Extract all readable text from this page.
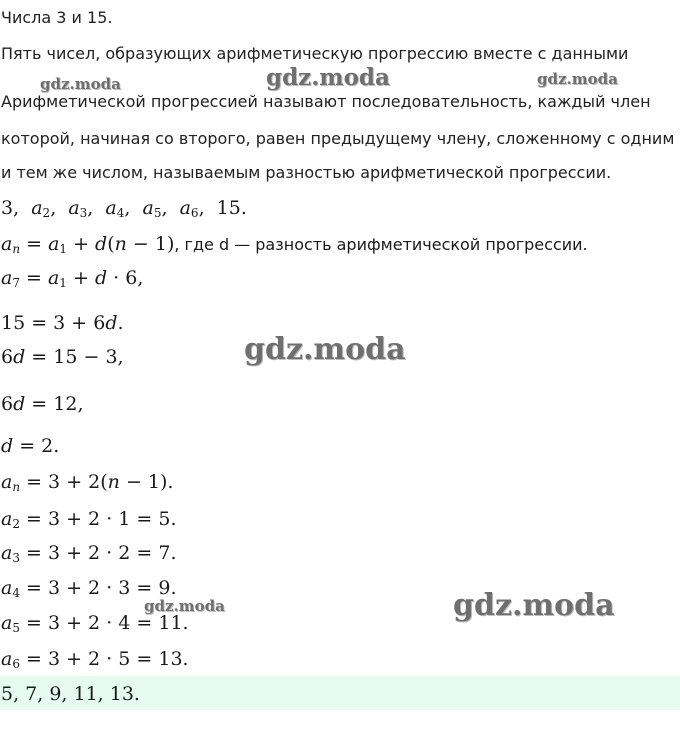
Числа 3 и 15.
Пять чисел, образующих арифметическую прогрессию вместе с данными
Арифметической прогрессией называют последовательность, каждый член
которой, начиная со второго, равен предыдущему члену, сложенному с одним
и тем же числом, называемым разностью арифметической прогрессии.
3,  $a_2$,  $a_3$,  $a_4$,  $a_5$,  $a_6$,  15.
$a_n = a_1 + d(n - 1)$, где d — разность арифметической прогрессии.
$a_7 = a_1 + d \cdot 6$,
15 = 3 + 6d.
6d = 15 − 3,
6d = 12,
d = 2.
$a_n = 3 + 2(n - 1)$.
$a_2 = 3 + 2 \cdot 1 = 5$.
$a_3 = 3 + 2 \cdot 2 = 7$.
$a_4 = 3 + 2 \cdot 3 = 9$.
$a_5 = 3 + 2 \cdot 4 = 11$.
$a_6 = 3 + 2 \cdot 5 = 13$.
5, 7, 9, 11, 13.
gdz.moda	gdz.moda	gdz.moda
gdz.moda
gdz.moda	gdz.moda
